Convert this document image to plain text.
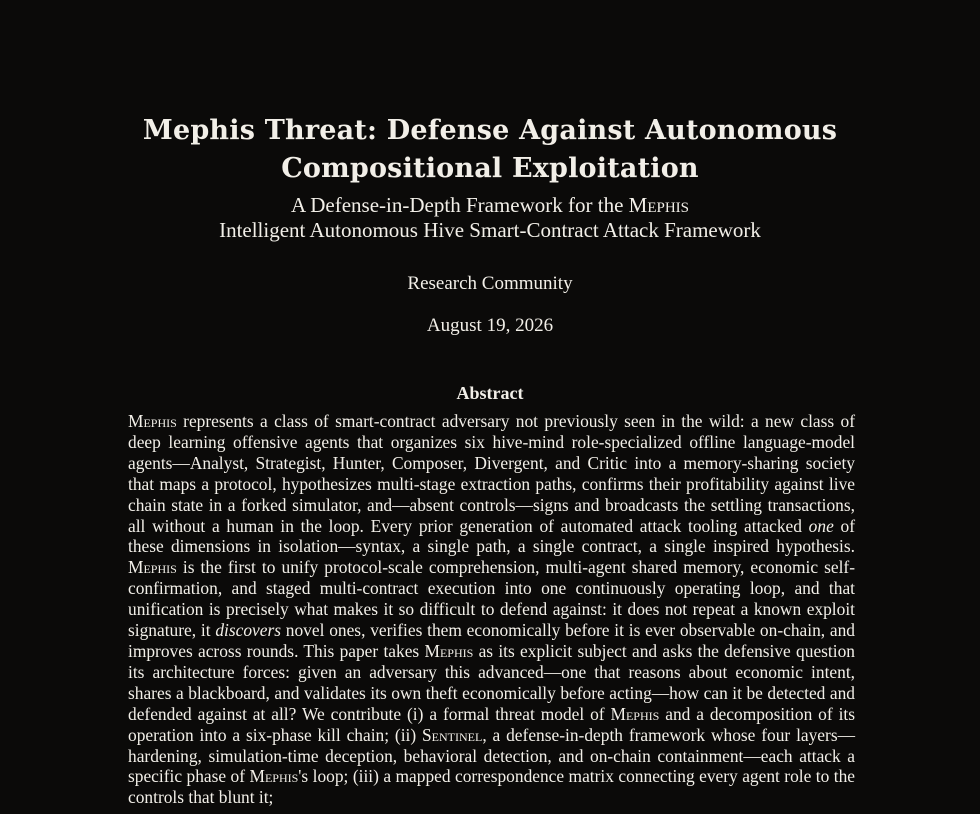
Mephis Threat: Defense Against Autonomous
Compositional Exploitation
A Defense-in-Depth Framework for the Mephis
Intelligent Autonomous Hive Smart-Contract Attack Framework
Research Community
August 19, 2026
Abstract

Mephis represents a class of smart-contract adversary not previously seen in the wild: a new class of deep learning offensive agents that organizes six hive-mind role-specialized offline language-model agents—Analyst, Strategist, Hunter, Composer, Divergent, and Critic into a memory-sharing society that maps a protocol, hypothesizes multi-stage extraction paths, confirms their profitability against live chain state in a forked simulator, and—absent controls—signs and broadcasts the settling transactions, all without a human in the loop. Every prior generation of automated attack tooling attacked one of these dimensions in isolation—syntax, a single path, a single contract, a single inspired hypothesis. Mephis is the first to unify protocol-scale comprehension, multi-agent shared memory, economic self-confirmation, and staged multi-contract execution into one continuously operating loop, and that unification is precisely what makes it so difficult to defend against: it does not repeat a known exploit signature, it discovers novel ones, verifies them economically before it is ever observable on-chain, and improves across rounds. This paper takes Mephis as its explicit subject and asks the defensive question its architecture forces: given an adversary this advanced—one that reasons about economic intent, shares a blackboard, and validates its own theft economically before acting—how can it be detected and defended against at all? We contribute (i) a formal threat model of Mephis and a decomposition of its operation into a six-phase kill chain; (ii) Sentinel, a defense-in-depth framework whose four layers—hardening, simulation-time deception, behavioral detection, and on-chain containment—each attack a specific phase of Mephis's loop; (iii) a mapped correspondence matrix connecting every agent role to the controls that blunt it;
